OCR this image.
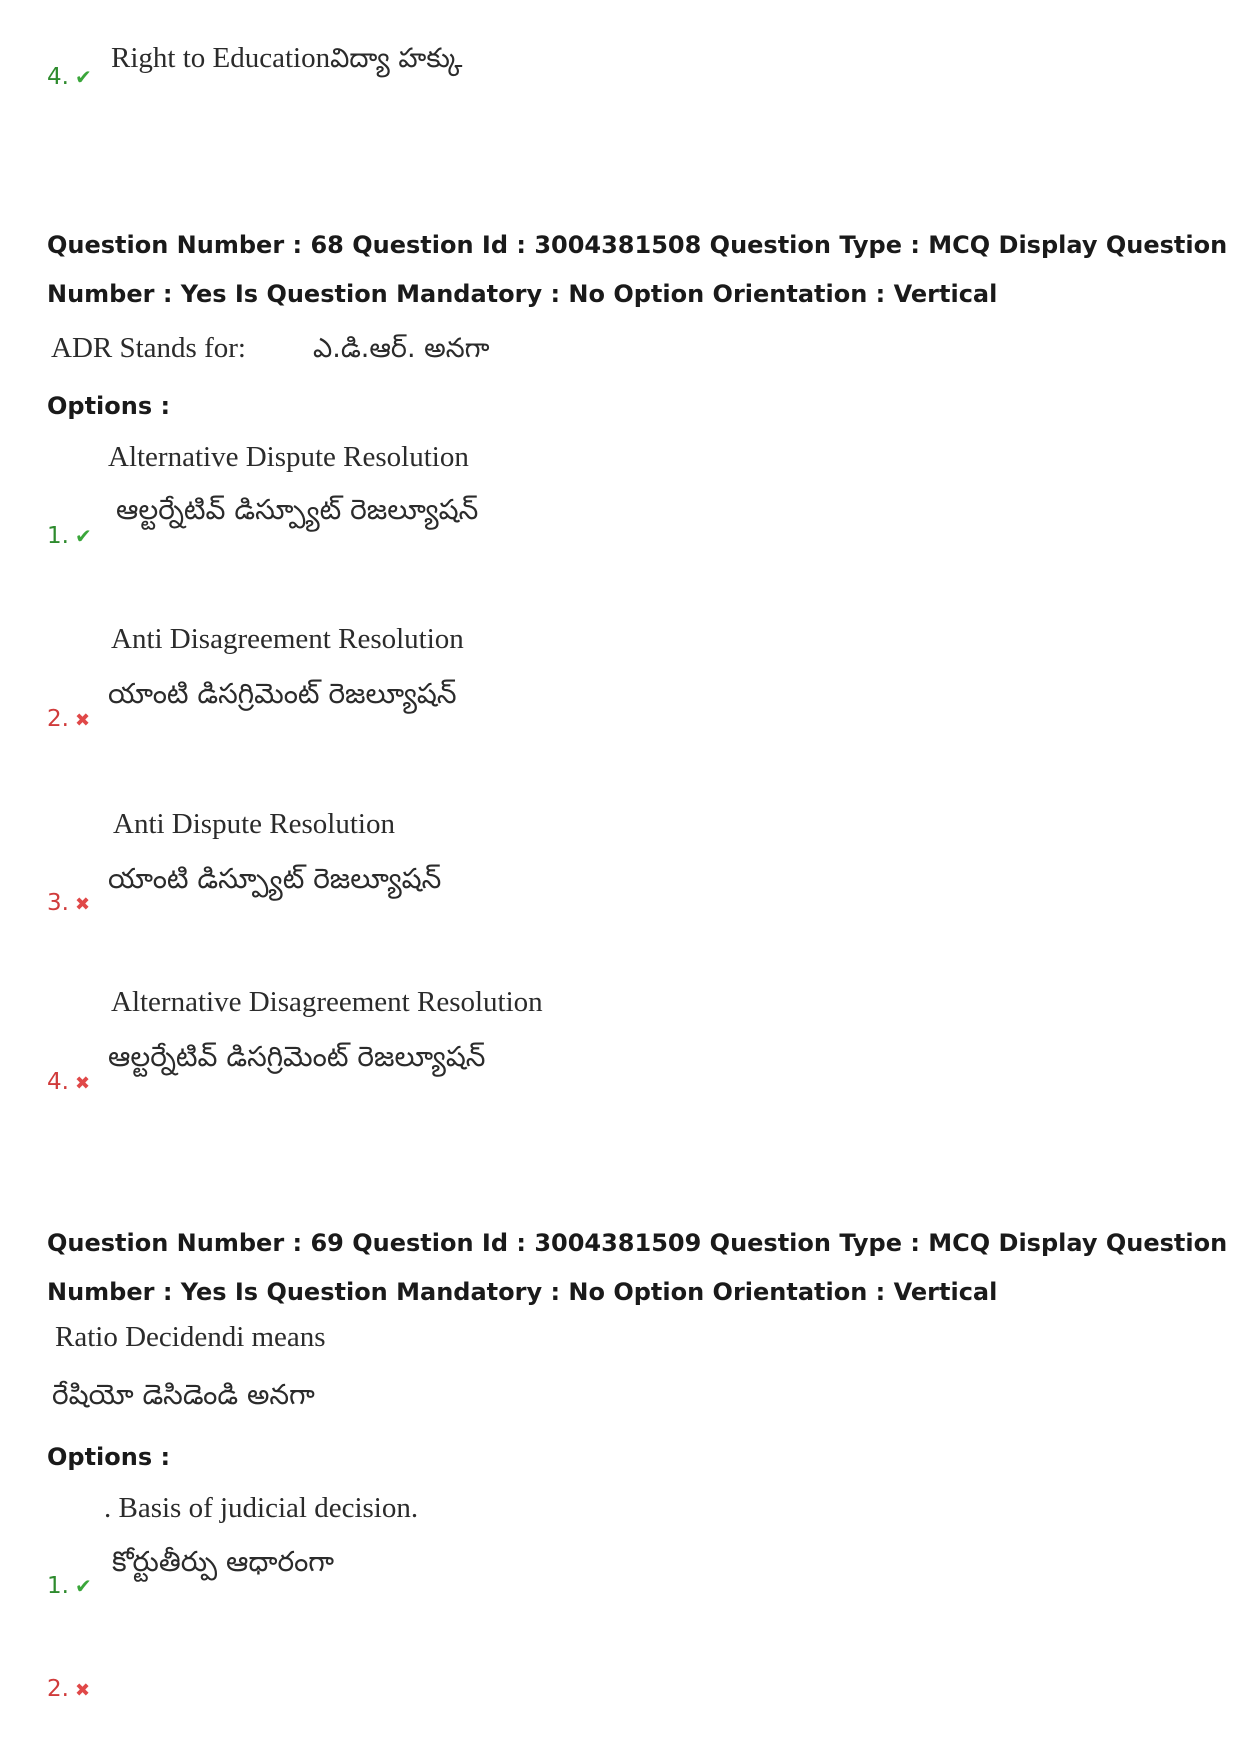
Right to Educationవిద్యా హక్కు
4. ✔
Question Number : 68 Question Id : 3004381508 Question Type : MCQ Display Question
Number : Yes Is Question Mandatory : No Option Orientation : Vertical
ADR Stands for: ఎ.డి.ఆర్. అనగా
Options :
Alternative Dispute Resolution
ఆల్టర్నేటివ్ డిస్ప్యూట్ రెజల్యూషన్
1. ✔
Anti Disagreement Resolution
యాంటి డిసగ్రిమెంట్ రెజల్యూషన్
2. ✖
Anti Dispute Resolution
యాంటి డిస్ప్యూట్ రెజల్యూషన్
3. ✖
Alternative Disagreement Resolution
ఆల్టర్నేటివ్ డిసగ్రిమెంట్ రెజల్యూషన్
4. ✖
Question Number : 69 Question Id : 3004381509 Question Type : MCQ Display Question
Number : Yes Is Question Mandatory : No Option Orientation : Vertical
Ratio Decidendi means
రేషియో డెసిడెండి అనగా
Options :
. Basis of judicial decision.
కోర్టుతీర్పు ఆధారంగా
1. ✔
2. ✖
